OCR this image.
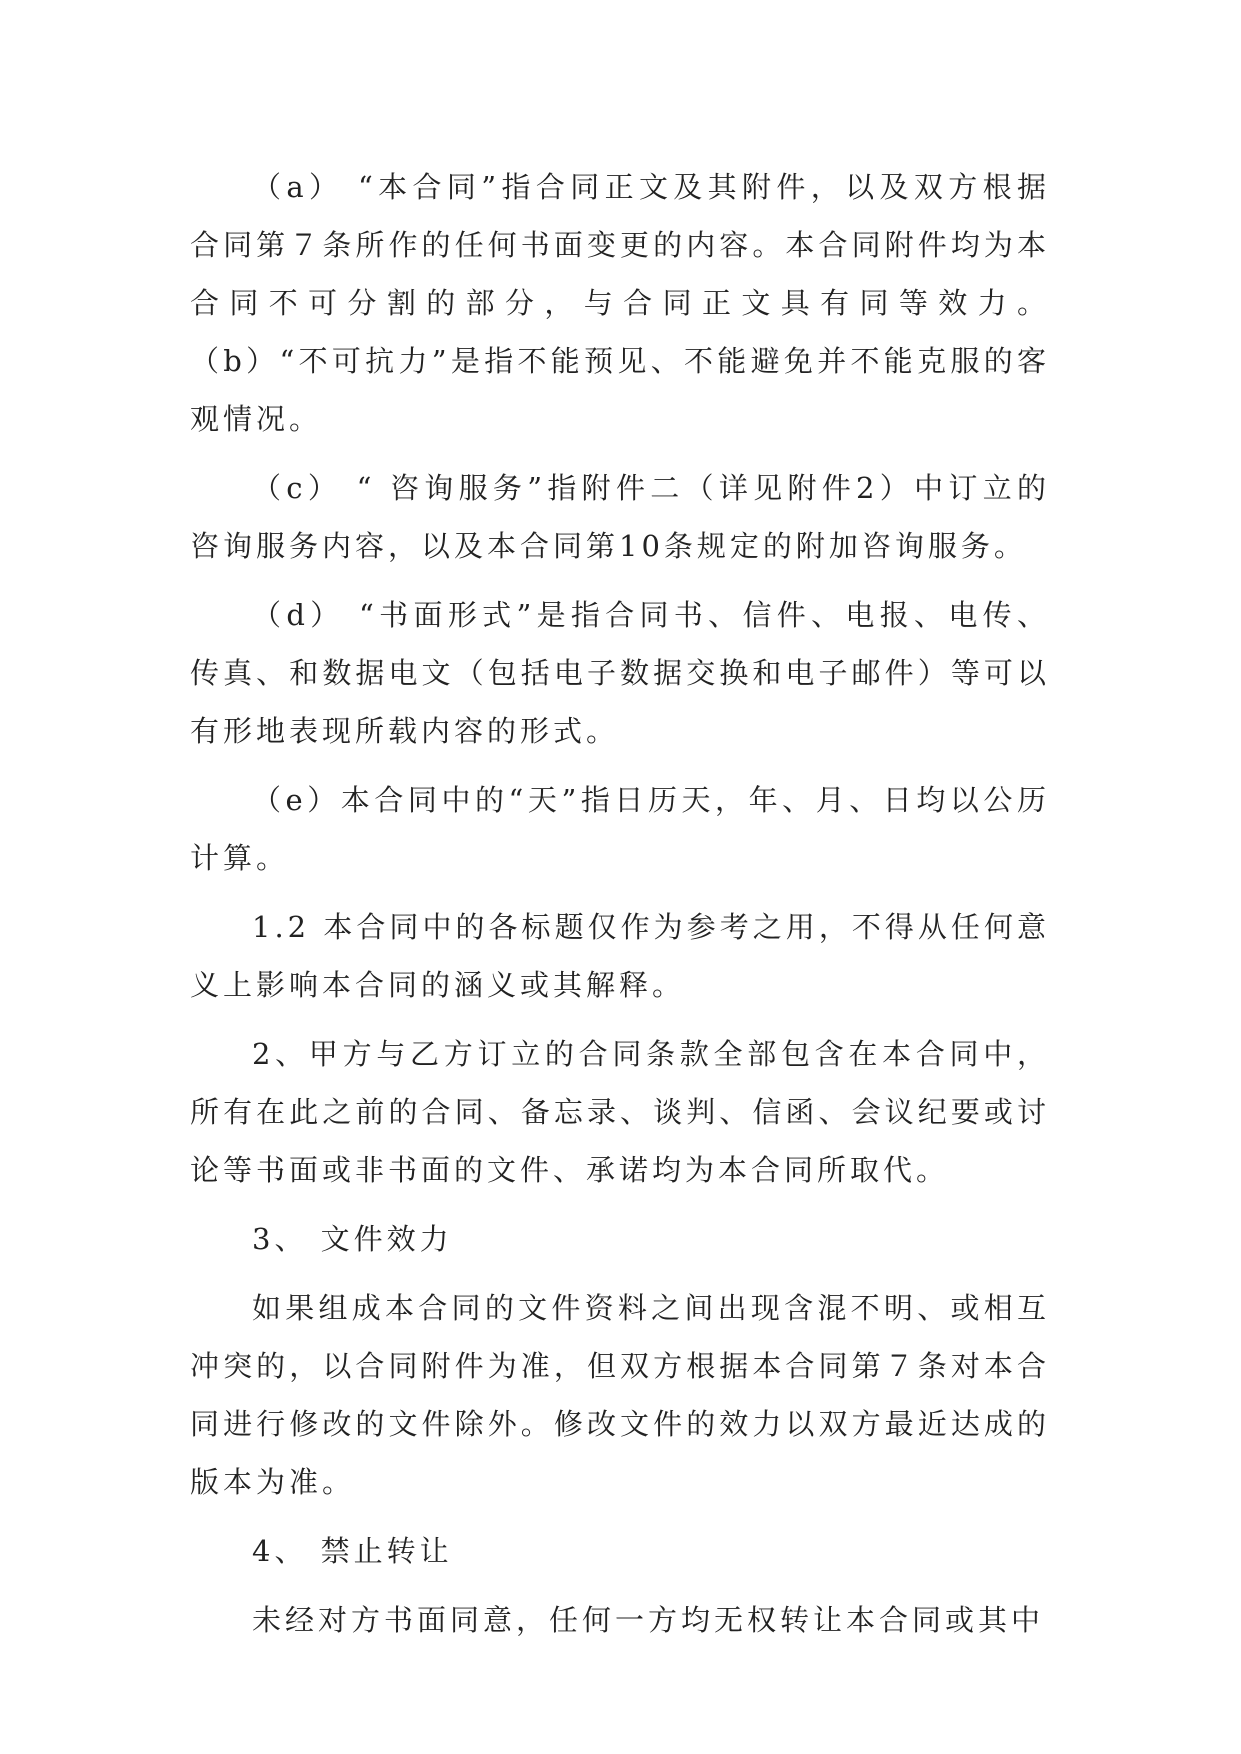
（a） “本合同”指合同正文及其附件，以及双方根据合同第７条所作的任何书面变更的内容。本合同附件均为本合同不可分割的部分，与合同正文具有同等效力。 （b）“不可抗力”是指不能预见、不能避免并不能克服的客观情况。

（c） “ 咨询服务”指附件二（详见附件2）中订立的咨询服务内容，以及本合同第10条规定的附加咨询服务。

（d） “书面形式”是指合同书、信件、电报、电传、传真、和数据电文（包括电子数据交换和电子邮件）等可以有形地表现所载内容的形式。

（e）本合同中的“天”指日历天，年、月、日均以公历计算。

1.2 本合同中的各标题仅作为参考之用，不得从任何意义上影响本合同的涵义或其解释。

2、甲方与乙方订立的合同条款全部包含在本合同中，所有在此之前的合同、备忘录、谈判、信函、会议纪要或讨论等书面或非书面的文件、承诺均为本合同所取代。

3、 文件效力

如果组成本合同的文件资料之间出现含混不明、或相互冲突的，以合同附件为准，但双方根据本合同第７条对本合同进行修改的文件除外。修改文件的效力以双方最近达成的版本为准。

4、 禁止转让

未经对方书面同意，任何一方均无权转让本合同或其中
